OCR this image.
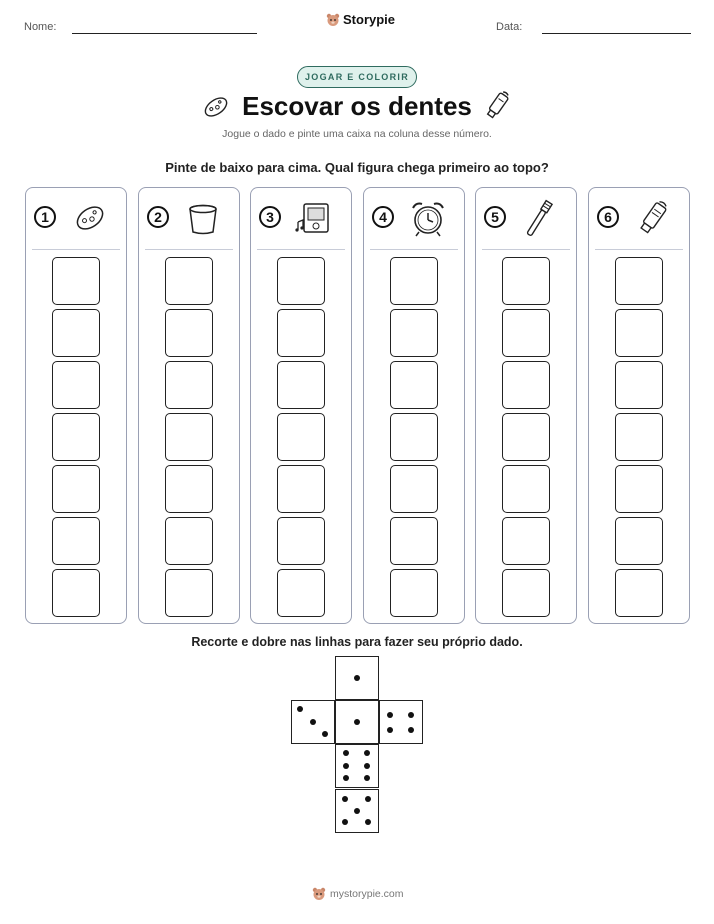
Nome:	Storypie	Data:
JOGAR E COLORIR
Escovar os dentes
Jogue o dado e pinte uma caixa na coluna desse número.
Pinte de baixo para cima. Qual figura chega primeiro ao topo?
1	2	3	4	5	6
Recorte e dobre nas linhas para fazer seu próprio dado.
mystorypie.com
